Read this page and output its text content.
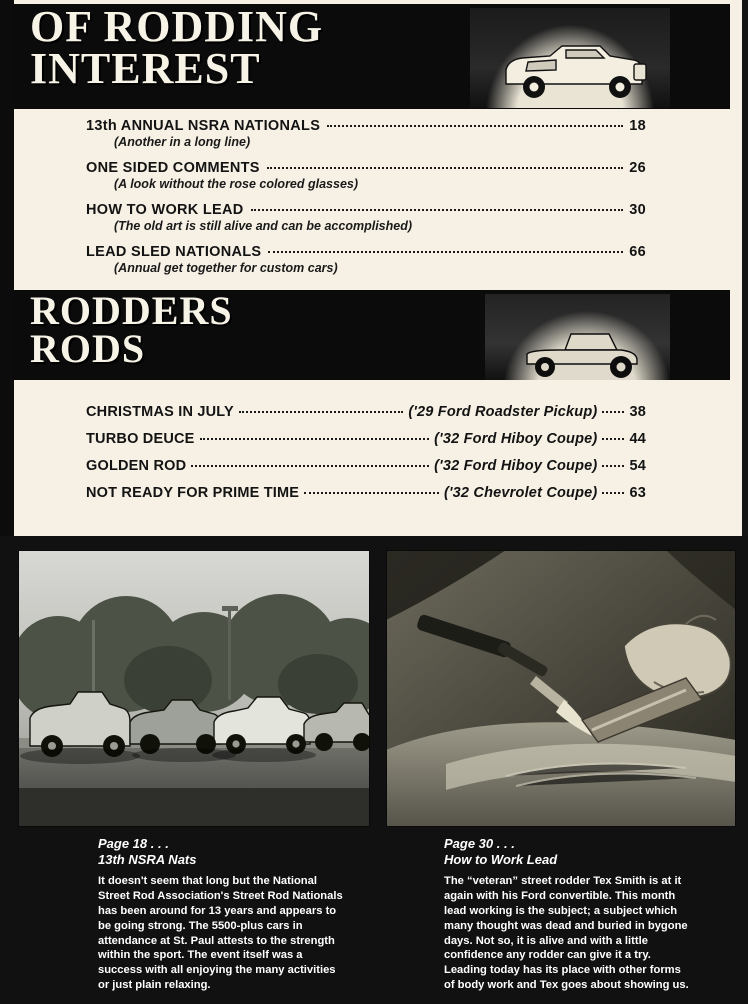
OF RODDING
INTEREST
13th ANNUAL NSRA NATIONALS	18
(Another in a long line)
ONE SIDED COMMENTS	26
(A look without the rose colored glasses)
HOW TO WORK LEAD	30
(The old art is still alive and can be accomplished)
LEAD SLED NATIONALS	66
(Annual get together for custom cars)
RODDERS
RODS
CHRISTMAS IN JULY	('29 Ford Roadster Pickup) 38
TURBO DEUCE	('32 Ford Hiboy Coupe) 44
GOLDEN ROD	('32 Ford Hiboy Coupe) 54
NOT READY FOR PRIME TIME	('32 Chevrolet Coupe) 63

Page 18 . . .

13th NSRA Nats

It doesn't seem that long but the National Street Rod Association's Street Rod Nationals has been around for 13 years and appears to be going strong. The 5500-plus cars in attendance at St. Paul attests to the strength within the sport. The event itself was a success with all enjoying the many activities or just plain relaxing.

Page 30 . . .

How to Work Lead

The “veteran” street rodder Tex Smith is at it again with his Ford convertible. This month lead working is the subject; a subject which many thought was dead and buried in bygone days. Not so, it is alive and with a little confidence any rodder can give it a try. Leading today has its place with other forms of body work and Tex goes about showing us.
